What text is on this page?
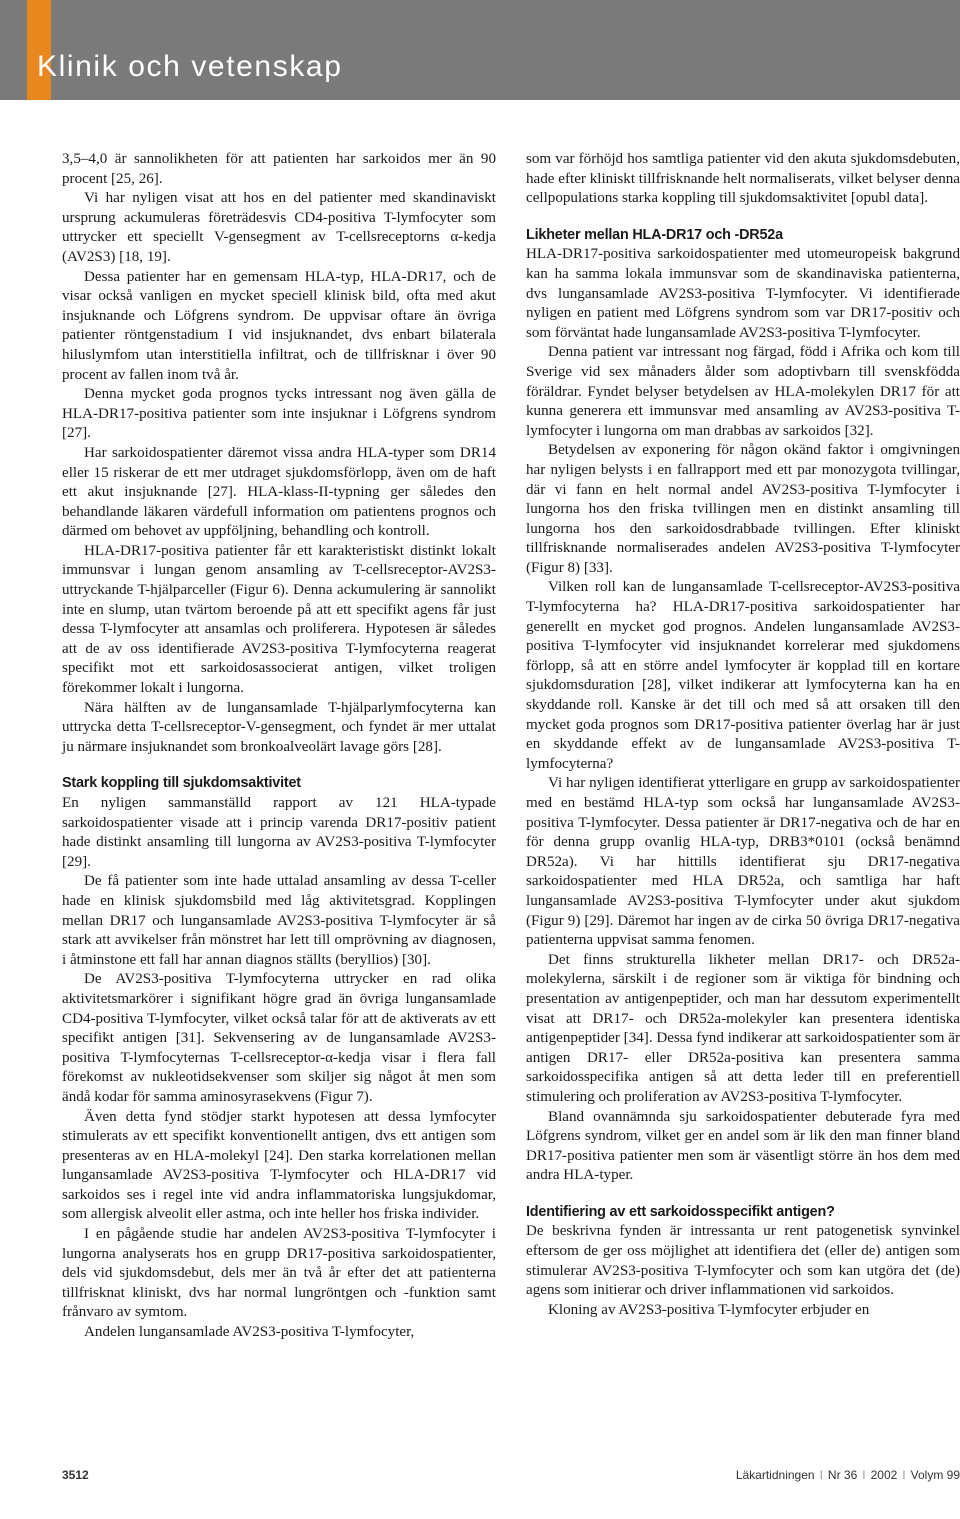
Klinik och vetenskap

3,5–4,0 är sannolikheten för att patienten har sarkoidos mer än 90 procent [25, 26].

Vi har nyligen visat att hos en del patienter med skandinaviskt ursprung ackumuleras företrädesvis CD4-positiva T-lymfocyter som uttrycker ett speciellt V-gensegment av T-cellsreceptorns α-kedja (AV2S3) [18, 19].

Dessa patienter har en gemensam HLA-typ, HLA-DR17, och de visar också vanligen en mycket speciell klinisk bild, ofta med akut insjuknande och Löfgrens syndrom. De uppvisar oftare än övriga patienter röntgenstadium I vid insjuknandet, dvs enbart bilaterala hiluslymfom utan interstitiella infiltrat, och de tillfrisknar i över 90 procent av fallen inom två år.

Denna mycket goda prognos tycks intressant nog även gälla de HLA-DR17-positiva patienter som inte insjuknar i Löfgrens syndrom [27].

Har sarkoidospatienter däremot vissa andra HLA-typer som DR14 eller 15 riskerar de ett mer utdraget sjukdomsförlopp, även om de haft ett akut insjuknande [27]. HLA-klass-II-typning ger således den behandlande läkaren värdefull information om patientens prognos och därmed om behovet av uppföljning, behandling och kontroll.

HLA-DR17-positiva patienter får ett karakteristiskt distinkt lokalt immunsvar i lungan genom ansamling av T-cellsreceptor-AV2S3-uttryckande T-hjälparceller (Figur 6). Denna ackumulering är sannolikt inte en slump, utan tvärtom beroende på att ett specifikt agens får just dessa T-lymfocyter att ansamlas och proliferera. Hypotesen är således att de av oss identifierade AV2S3-positiva T-lymfocyterna reagerat specifikt mot ett sarkoidosassocierat antigen, vilket troligen förekommer lokalt i lungorna.

Nära hälften av de lungansamlade T-hjälparlymfocyterna kan uttrycka detta T-cellsreceptor-V-gensegment, och fyndet är mer uttalat ju närmare insjuknandet som bronkoalveolärt lavage görs [28].

Stark koppling till sjukdomsaktivitet

En nyligen sammanställd rapport av 121 HLA-typade sarkoidospatienter visade att i princip varenda DR17-positiv patient hade distinkt ansamling till lungorna av AV2S3-positiva T-lymfocyter [29].

De få patienter som inte hade uttalad ansamling av dessa T-celler hade en klinisk sjukdomsbild med låg aktivitetsgrad. Kopplingen mellan DR17 och lungansamlade AV2S3-positiva T-lymfocyter är så stark att avvikelser från mönstret har lett till omprövning av diagnosen, i åtminstone ett fall har annan diagnos ställts (beryllios) [30].

De AV2S3-positiva T-lymfocyterna uttrycker en rad olika aktivitetsmarkörer i signifikant högre grad än övriga lungansamlade CD4-positiva T-lymfocyter, vilket också talar för att de aktiverats av ett specifikt antigen [31]. Sekvensering av de lungansamlade AV2S3-positiva T-lymfocyternas T-cellsreceptor-α-kedja visar i flera fall förekomst av nukleotidsekvenser som skiljer sig något åt men som ändå kodar för samma aminosyrasekvens (Figur 7).

Även detta fynd stödjer starkt hypotesen att dessa lymfocyter stimulerats av ett specifikt konventionellt antigen, dvs ett antigen som presenteras av en HLA-molekyl [24]. Den starka korrelationen mellan lungansamlade AV2S3-positiva T-lymfocyter och HLA-DR17 vid sarkoidos ses i regel inte vid andra inflammatoriska lungsjukdomar, som allergisk alveolit eller astma, och inte heller hos friska individer.

I en pågående studie har andelen AV2S3-positiva T-lymfocyter i lungorna analyserats hos en grupp DR17-positiva sarkoidospatienter, dels vid sjukdomsdebut, dels mer än två år efter det att patienterna tillfrisknat kliniskt, dvs har normal lungröntgen och -funktion samt frånvaro av symtom.

Andelen lungansamlade AV2S3-positiva T-lymfocyter,

som var förhöjd hos samtliga patienter vid den akuta sjukdomsdebuten, hade efter kliniskt tillfrisknande helt normaliserats, vilket belyser denna cellpopulations starka koppling till sjukdomsaktivitet [opubl data].

Likheter mellan HLA-DR17 och -DR52a

HLA-DR17-positiva sarkoidospatienter med utomeuropeisk bakgrund kan ha samma lokala immunsvar som de skandinaviska patienterna, dvs lungansamlade AV2S3-positiva T-lymfocyter. Vi identifierade nyligen en patient med Löfgrens syndrom som var DR17-positiv och som förväntat hade lungansamlade AV2S3-positiva T-lymfocyter.

Denna patient var intressant nog färgad, född i Afrika och kom till Sverige vid sex månaders ålder som adoptivbarn till svenskfödda föräldrar. Fyndet belyser betydelsen av HLA-molekylen DR17 för att kunna generera ett immunsvar med ansamling av AV2S3-positiva T-lymfocyter i lungorna om man drabbas av sarkoidos [32].

Betydelsen av exponering för någon okänd faktor i omgivningen har nyligen belysts i en fallrapport med ett par monozygota tvillingar, där vi fann en helt normal andel AV2S3-positiva T-lymfocyter i lungorna hos den friska tvillingen men en distinkt ansamling till lungorna hos den sarkoidosdrabbade tvillingen. Efter kliniskt tillfrisknande normaliserades andelen AV2S3-positiva T-lymfocyter (Figur 8) [33].

Vilken roll kan de lungansamlade T-cellsreceptor-AV2S3-positiva T-lymfocyterna ha? HLA-DR17-positiva sarkoidospatienter har generellt en mycket god prognos. Andelen lungansamlade AV2S3-positiva T-lymfocyter vid insjuknandet korrelerar med sjukdomens förlopp, så att en större andel lymfocyter är kopplad till en kortare sjukdomsduration [28], vilket indikerar att lymfocyterna kan ha en skyddande roll. Kanske är det till och med så att orsaken till den mycket goda prognos som DR17-positiva patienter överlag har är just en skyddande effekt av de lungansamlade AV2S3-positiva T-lymfocyterna?

Vi har nyligen identifierat ytterligare en grupp av sarkoidospatienter med en bestämd HLA-typ som också har lungansamlade AV2S3-positiva T-lymfocyter. Dessa patienter är DR17-negativa och de har en för denna grupp ovanlig HLA-typ, DRB3*0101 (också benämnd DR52a). Vi har hittills identifierat sju DR17-negativa sarkoidospatienter med HLA DR52a, och samtliga har haft lungansamlade AV2S3-positiva T-lymfocyter under akut sjukdom (Figur 9) [29]. Däremot har ingen av de cirka 50 övriga DR17-negativa patienterna uppvisat samma fenomen.

Det finns strukturella likheter mellan DR17- och DR52a-molekylerna, särskilt i de regioner som är viktiga för bindning och presentation av antigenpeptider, och man har dessutom experimentellt visat att DR17- och DR52a-molekyler kan presentera identiska antigenpeptider [34]. Dessa fynd indikerar att sarkoidospatienter som är antigen DR17- eller DR52a-positiva kan presentera samma sarkoidosspecifika antigen så att detta leder till en preferentiell stimulering och proliferation av AV2S3-positiva T-lymfocyter.

Bland ovannämnda sju sarkoidospatienter debuterade fyra med Löfgrens syndrom, vilket ger en andel som är lik den man finner bland DR17-positiva patienter men som är väsentligt större än hos dem med andra HLA-typer.

Identifiering av ett sarkoidosspecifikt antigen?

De beskrivna fynden är intressanta ur rent patogenetisk synvinkel eftersom de ger oss möjlighet att identifiera det (eller de) antigen som stimulerar AV2S3-positiva T-lymfocyter och som kan utgöra det (de) agens som initierar och driver inflammationen vid sarkoidos.

Kloning av AV2S3-positiva T-lymfocyter erbjuder en

3512	Läkartidningen I Nr 36 I 2002 I Volym 99
